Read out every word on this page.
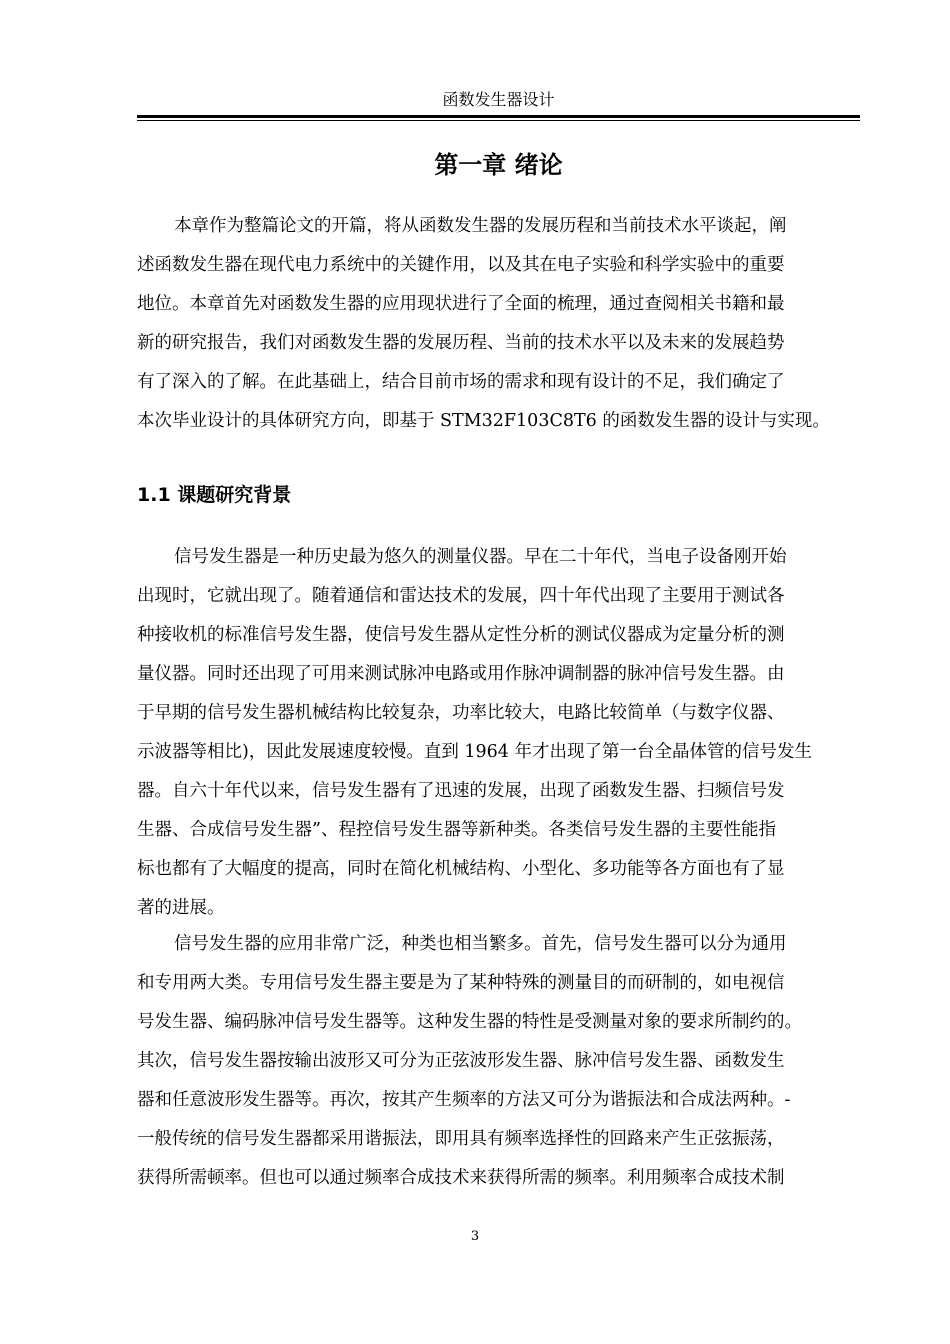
函数发生器设计
第一章 绪论
本章作为整篇论文的开篇，将从函数发生器的发展历程和当前技术水平谈起，阐
述函数发生器在现代电力系统中的关键作用，以及其在电子实验和科学实验中的重要
地位。本章首先对函数发生器的应用现状进行了全面的梳理，通过查阅相关书籍和最
新的研究报告，我们对函数发生器的发展历程、当前的技术水平以及未来的发展趋势
有了深入的了解。在此基础上，结合目前市场的需求和现有设计的不足，我们确定了
本次毕业设计的具体研究方向，即基于 STM32F103C8T6 的函数发生器的设计与实现。
1.1 课题研究背景
信号发生器是一种历史最为悠久的测量仪器。早在二十年代，当电子设备刚开始
出现时，它就出现了。随着通信和雷达技术的发展，四十年代出现了主要用于测试各
种接收机的标准信号发生器，使信号发生器从定性分析的测试仪器成为定量分析的测
量仪器。同时还出现了可用来测试脉冲电路或用作脉冲调制器的脉冲信号发生器。由
于早期的信号发生器机械结构比较复杂，功率比较大，电路比较简单（与数字仪器、
示波器等相比)，因此发展速度较慢。直到 1964 年才出现了第一台全晶体管的信号发生
器。自六十年代以来，信号发生器有了迅速的发展，出现了函数发生器、扫频信号发
生器、合成信号发生器”、程控信号发生器等新种类。各类信号发生器的主要性能指
标也都有了大幅度的提高，同时在简化机械结构、小型化、多功能等各方面也有了显
著的进展。
信号发生器的应用非常广泛，种类也相当繁多。首先，信号发生器可以分为通用
和专用两大类。专用信号发生器主要是为了某种特殊的测量目的而研制的，如电视信
号发生器、编码脉冲信号发生器等。这种发生器的特性是受测量对象的要求所制约的。
其次，信号发生器按输出波形又可分为正弦波形发生器、脉冲信号发生器、函数发生
器和任意波形发生器等。再次，按其产生频率的方法又可分为谐振法和合成法两种。-
一般传统的信号发生器都采用谐振法，即用具有频率选择性的回路来产生正弦振荡，
获得所需顿率。但也可以通过频率合成技术来获得所需的频率。利用频率合成技术制
3
